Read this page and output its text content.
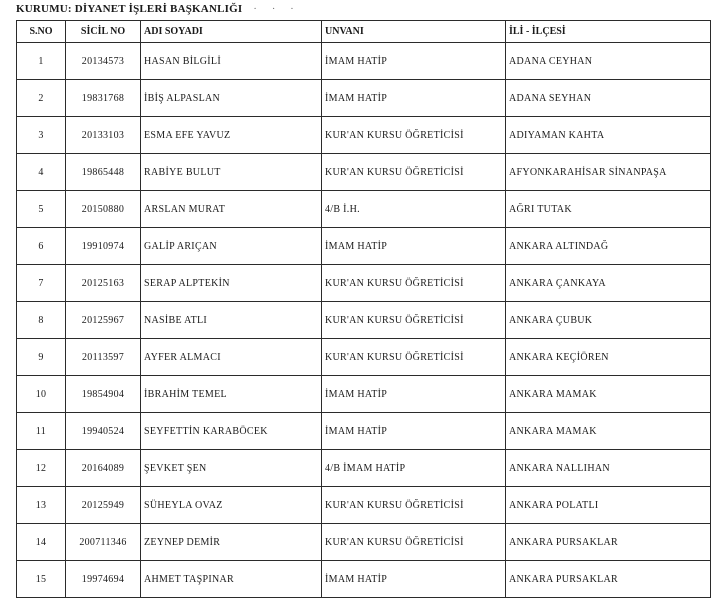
KURUMU: DİYANET İŞLERİ BAŞKANLIĞI · · ·
S.NO	SİCİL NO	ADI SOYADI	UNVANI	İLİ - İLÇESİ
1	20134573	HASAN BİLGİLİ	İMAM HATİP	ADANA CEYHAN
2	19831768	İBİŞ ALPASLAN	İMAM HATİP	ADANA SEYHAN
3	20133103	ESMA EFE YAVUZ	KUR'AN KURSU ÖĞRETİCİSİ	ADIYAMAN KAHTA
4	19865448	RABİYE BULUT	KUR'AN KURSU ÖĞRETİCİSİ	AFYONKARAHİSAR SİNANPAŞA
5	20150880	ARSLAN MURAT	4/B İ.H.	AĞRI TUTAK
6	19910974	GALİP ARIÇAN	İMAM HATİP	ANKARA ALTINDAĞ
7	20125163	SERAP ALPTEKİN	KUR'AN KURSU ÖĞRETİCİSİ	ANKARA ÇANKAYA
8	20125967	NASİBE ATLI	KUR'AN KURSU ÖĞRETİCİSİ	ANKARA ÇUBUK
9	20113597	AYFER ALMACI	KUR'AN KURSU ÖĞRETİCİSİ	ANKARA KEÇİÖREN
10	19854904	İBRAHİM TEMEL	İMAM HATİP	ANKARA MAMAK
11	19940524	SEYFETTİN KARABÖCEK	İMAM HATİP	ANKARA MAMAK
12	20164089	ŞEVKET ŞEN	4/B İMAM HATİP	ANKARA NALLIHAN
13	20125949	SÜHEYLA OVAZ	KUR'AN KURSU ÖĞRETİCİSİ	ANKARA POLATLI
14	200711346	ZEYNEP DEMİR	KUR'AN KURSU ÖĞRETİCİSİ	ANKARA PURSAKLAR
15	19974694	AHMET TAŞPINAR	İMAM HATİP	ANKARA PURSAKLAR
